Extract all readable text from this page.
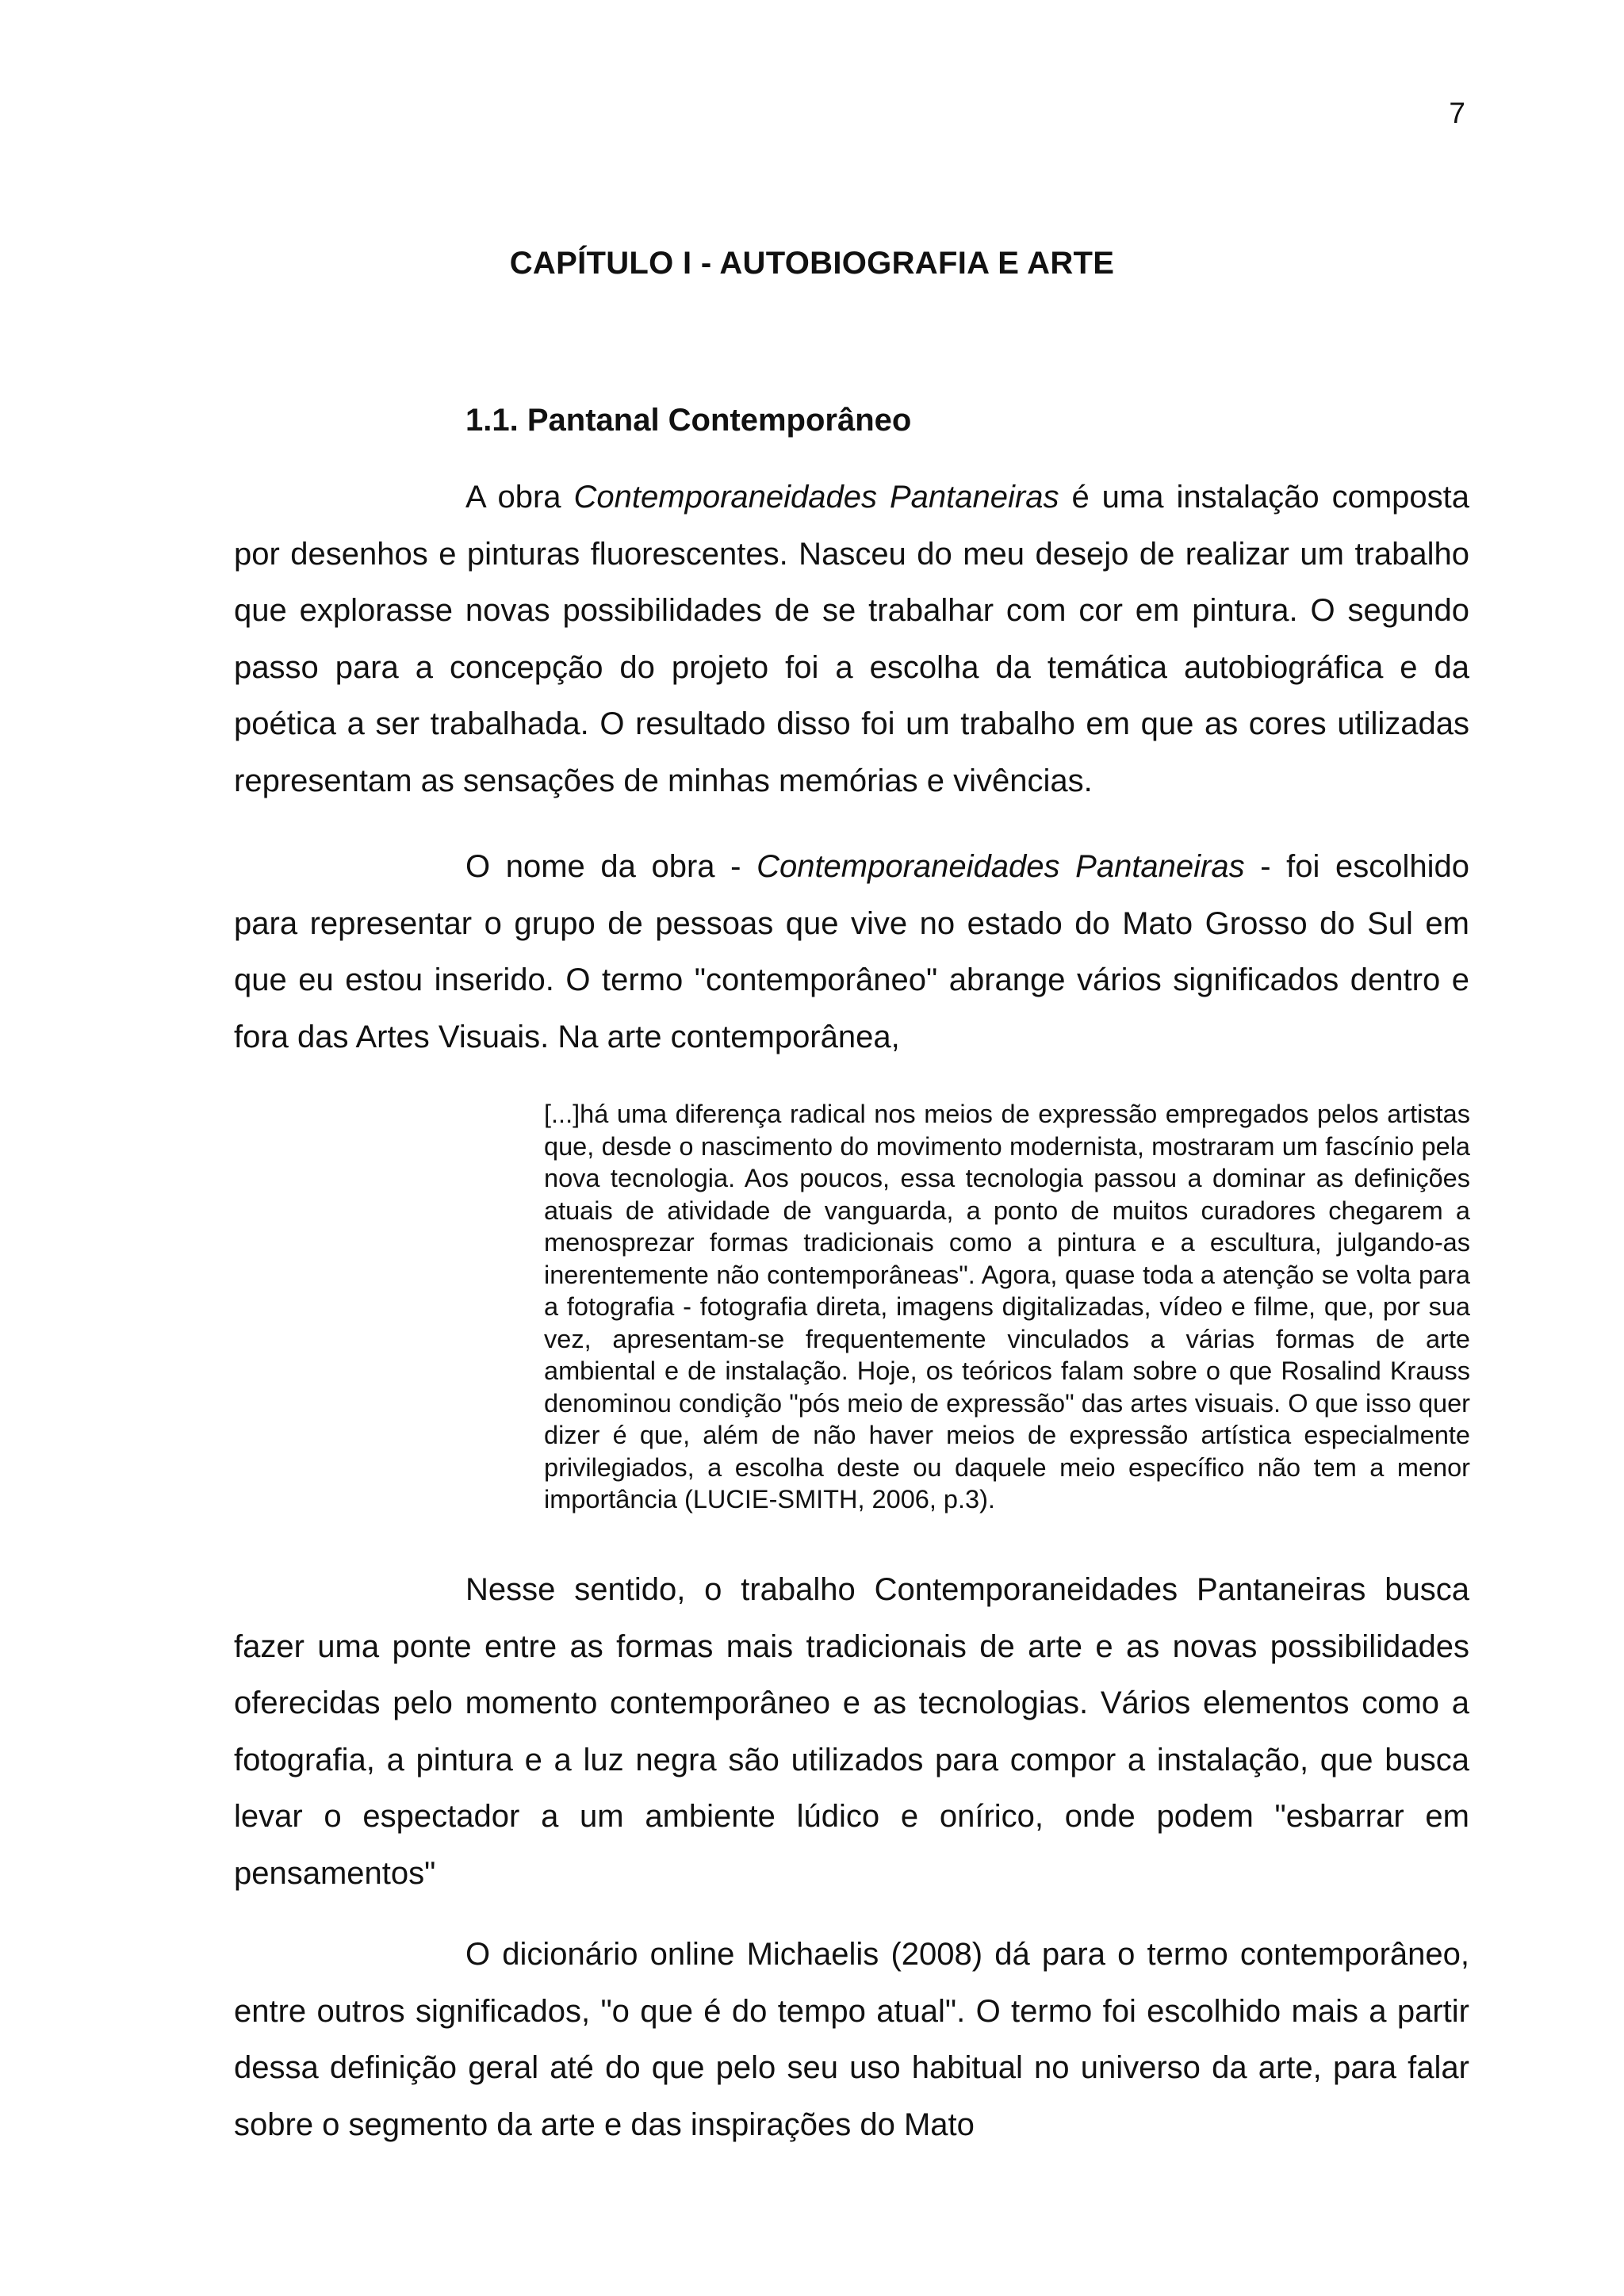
7
CAPÍTULO I - AUTOBIOGRAFIA E ARTE
1.1. Pantanal Contemporâneo

A obra Contemporaneidades Pantaneiras é uma instalação composta por desenhos e pinturas fluorescentes. Nasceu do meu desejo de realizar um trabalho que explorasse novas possibilidades de se trabalhar com cor em pintura. O segundo passo para a concepção do projeto foi a escolha da temática autobiográfica e da poética a ser trabalhada. O resultado disso foi um trabalho em que as cores utilizadas representam as sensações de minhas memórias e vivências.

O nome da obra - Contemporaneidades Pantaneiras - foi escolhido para representar o grupo de pessoas que vive no estado do Mato Grosso do Sul em que eu estou inserido. O termo "contemporâneo" abrange vários significados dentro e fora das Artes Visuais. Na arte contemporânea,

[...]há uma diferença radical nos meios de expressão empregados pelos artistas que, desde o nascimento do movimento modernista, mostraram um fascínio pela nova tecnologia. Aos poucos, essa tecnologia passou a dominar as definições atuais de atividade de vanguarda, a ponto de muitos curadores chegarem a menosprezar formas tradicionais como a pintura e a escultura, julgando-as inerentemente não contemporâneas". Agora, quase toda a atenção se volta para a fotografia - fotografia direta, imagens digitalizadas, vídeo e filme, que, por sua vez, apresentam-se frequentemente vinculados a várias formas de arte ambiental e de instalação. Hoje, os teóricos falam sobre o que Rosalind Krauss denominou condição "pós meio de expressão" das artes visuais. O que isso quer dizer é que, além de não haver meios de expressão artística especialmente privilegiados, a escolha deste ou daquele meio específico não tem a menor importância (LUCIE-SMITH, 2006, p.3).

Nesse sentido, o trabalho Contemporaneidades Pantaneiras busca fazer uma ponte entre as formas mais tradicionais de arte e as novas possibilidades oferecidas pelo momento contemporâneo e as tecnologias. Vários elementos como a fotografia, a pintura e a luz negra são utilizados para compor a instalação, que busca levar o espectador a um ambiente lúdico e onírico, onde podem "esbarrar em pensamentos"

O dicionário online Michaelis (2008) dá para o termo contemporâneo, entre outros significados, "o que é do tempo atual". O termo foi escolhido mais a partir dessa definição geral até do que pelo seu uso habitual no universo da arte, para falar sobre o segmento da arte e das inspirações do Mato
